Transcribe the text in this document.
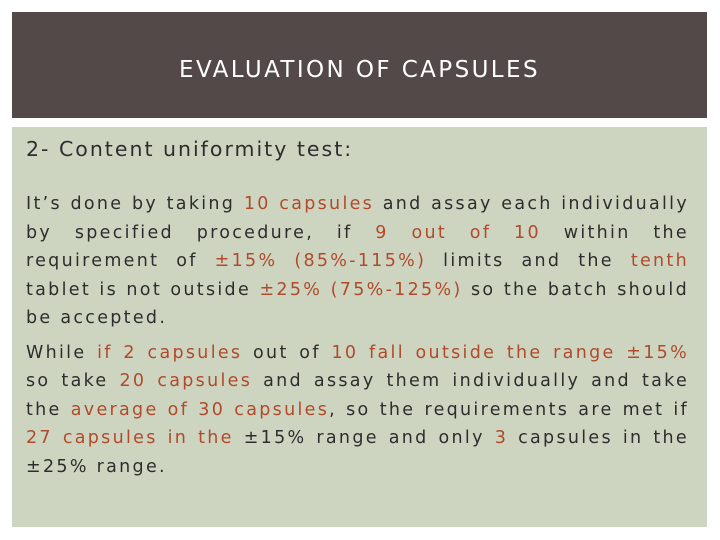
EVALUATION OF CAPSULES
2- Content uniformity test:

It’s done by taking 10 capsules and assay each individually by specified procedure, if 9 out of 10 within the requirement of ±15% (85%-115%) limits and the tenth tablet is not outside ±25% (75%-125%) so the batch should be accepted.

While if 2 capsules out of 10 fall outside the range ±15% so take 20 capsules and assay them individually and take the average of 30 capsules, so the requirements are met if 27 capsules in the ±15% range and only 3 capsules in the ±25% range.
